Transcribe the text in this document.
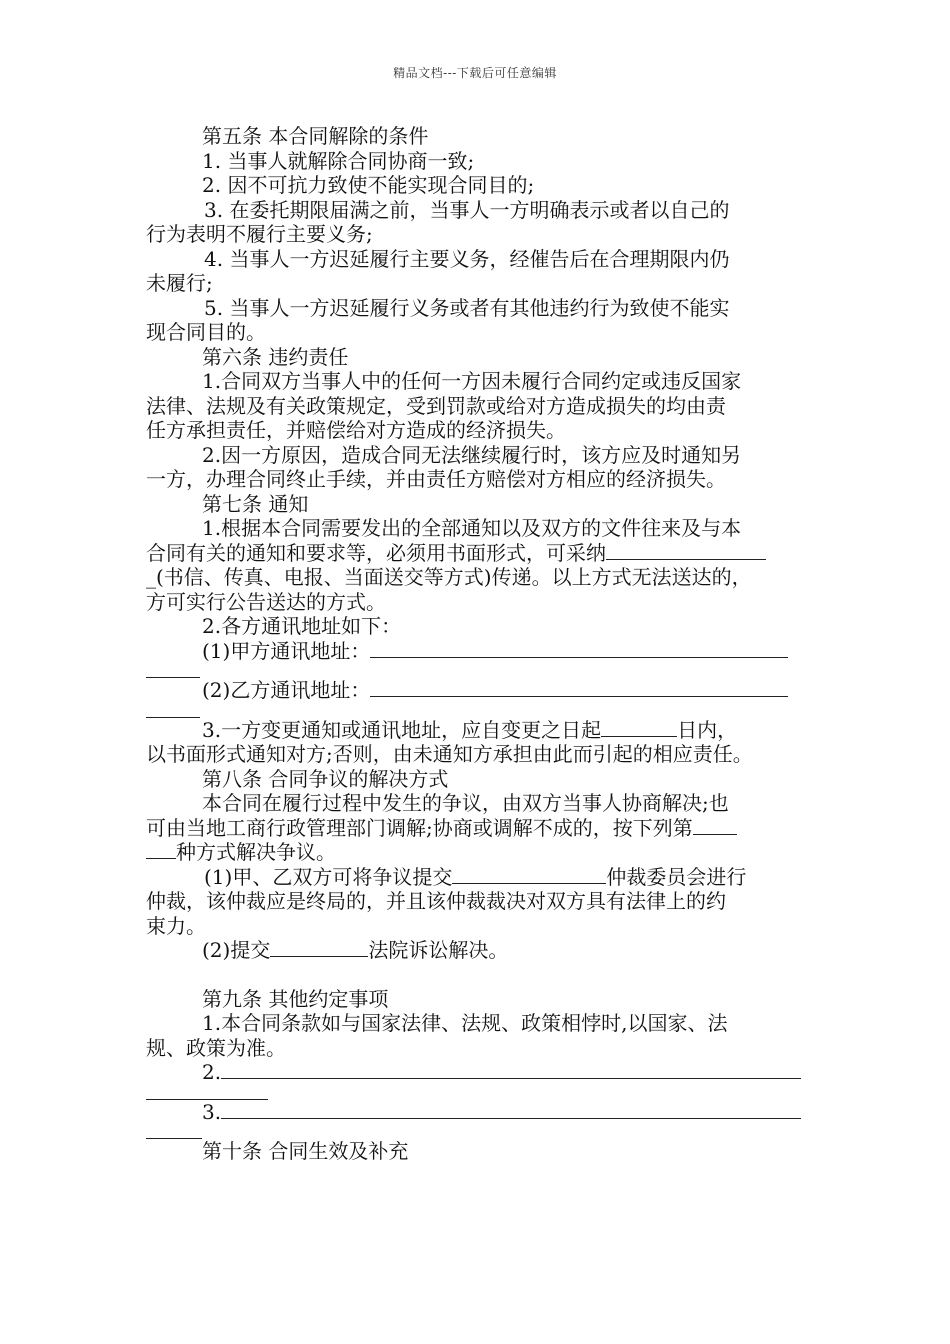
精品文档---下载后可任意编辑

第五条 本合同解除的条件

1. 当事人就解除合同协商一致;

2. 因不可抗力致使不能实现合同目的;

3. 在委托期限届满之前，当事人一方明确表示或者以自己的

行为表明不履行主要义务;

4. 当事人一方迟延履行主要义务，经催告后在合理期限内仍

未履行;

5. 当事人一方迟延履行义务或者有其他违约行为致使不能实

现合同目的。

第六条 违约责任

1.合同双方当事人中的任何一方因未履行合同约定或违反国家

法律、法规及有关政策规定，受到罚款或给对方造成损失的均由责

任方承担责任，并赔偿给对方造成的经济损失。

2.因一方原因，造成合同无法继续履行时，该方应及时通知另

一方，办理合同终止手续，并由责任方赔偿对方相应的经济损失。

第七条 通知

1.根据本合同需要发出的全部通知以及双方的文件往来及与本

合同有关的通知和要求等，必须用书面形式，可采纳

_(书信、传真、电报、当面送交等方式)传递。以上方式无法送达的，

方可实行公告送达的方式。

2.各方通讯地址如下：

(1)甲方通讯地址：

(2)乙方通讯地址：

3.一方变更通知或通讯地址，应自变更之日起	日内，

以书面形式通知对方;否则，由未通知方承担由此而引起的相应责任。

第八条 合同争议的解决方式

本合同在履行过程中发生的争议，由双方当事人协商解决;也

可由当地工商行政管理部门调解;协商或调解不成的，按下列第

种方式解决争议。

(1)甲、乙双方可将争议提交	仲裁委员会进行

仲裁，该仲裁应是终局的，并且该仲裁裁决对双方具有法律上的约

束力。

(2)提交	法院诉讼解决。

第九条 其他约定事项

1.本合同条款如与国家法律、法规、政策相悖时,以国家、法

规、政策为准。

2.

3.

第十条 合同生效及补充
